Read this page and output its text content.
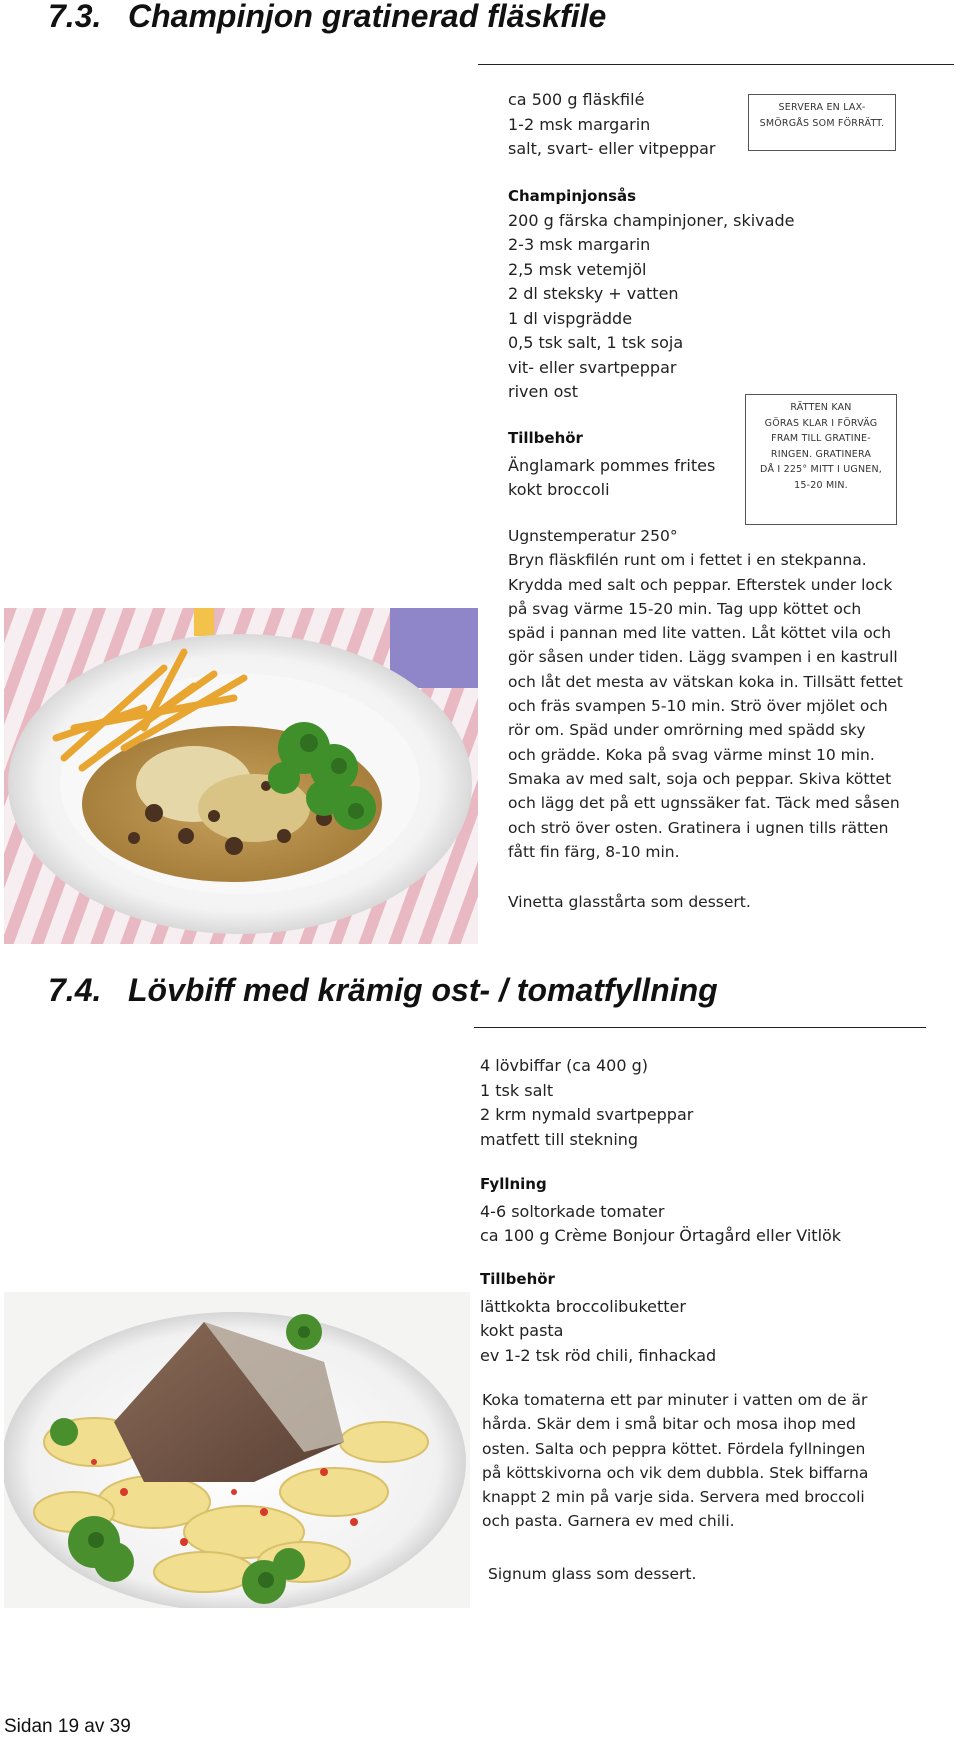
7.3. Champinjon gratinerad fläskfile
ca 500 g fläskfilé
1-2 msk margarin
salt, svart- eller vitpeppar
SERVERA EN LAX-
SMÖRGÅS SOM FÖRRÄTT.
Champinjonsås
200 g färska champinjoner, skivade
2-3 msk margarin
2,5 msk vetemjöl
2 dl steksky + vatten
1 dl vispgrädde
0,5 tsk salt, 1 tsk soja
vit- eller svartpeppar
riven ost
Tillbehör
Änglamark pommes frites
kokt broccoli
RÄTTEN KAN
GÖRAS KLAR I FÖRVÄG
FRAM TILL GRATINE-
RINGEN. GRATINERA
DÅ I 225° MITT I UGNEN,
15-20 MIN.
Ugnstemperatur 250°
Bryn fläskfilén runt om i fettet i en stekpanna.
Krydda med salt och peppar. Efterstek under lock
på svag värme 15-20 min. Tag upp köttet och
späd i pannan med lite vatten. Låt köttet vila och
gör såsen under tiden. Lägg svampen i en kastrull
och låt det mesta av vätskan koka in. Tillsätt fettet
och fräs svampen 5-10 min. Strö över mjölet och
rör om. Späd under omrörning med spädd sky
och grädde. Koka på svag värme minst 10 min.
Smaka av med salt, soja och peppar. Skiva köttet
och lägg det på ett ugnssäker fat. Täck med såsen
och strö över osten. Gratinera i ugnen tills rätten
fått fin färg, 8-10 min.
Vinetta glasstårta som dessert.
7.4. Lövbiff med krämig ost- / tomatfyllning
4 lövbiffar (ca 400 g)
1 tsk salt
2 krm nymald svartpeppar
matfett till stekning
Fyllning
4-6 soltorkade tomater
ca 100 g Crème Bonjour Örtagård eller Vitlök
Tillbehör
lättkokta broccolibuketter
kokt pasta
ev 1-2 tsk röd chili, finhackad
Koka tomaterna ett par minuter i vatten om de är
hårda. Skär dem i små bitar och mosa ihop med
osten. Salta och peppra köttet. Fördela fyllningen
på köttskivorna och vik dem dubbla. Stek biffarna
knappt 2 min på varje sida. Servera med broccoli
och pasta. Garnera ev med chili.
Signum glass som dessert.
Sidan 19 av 39
